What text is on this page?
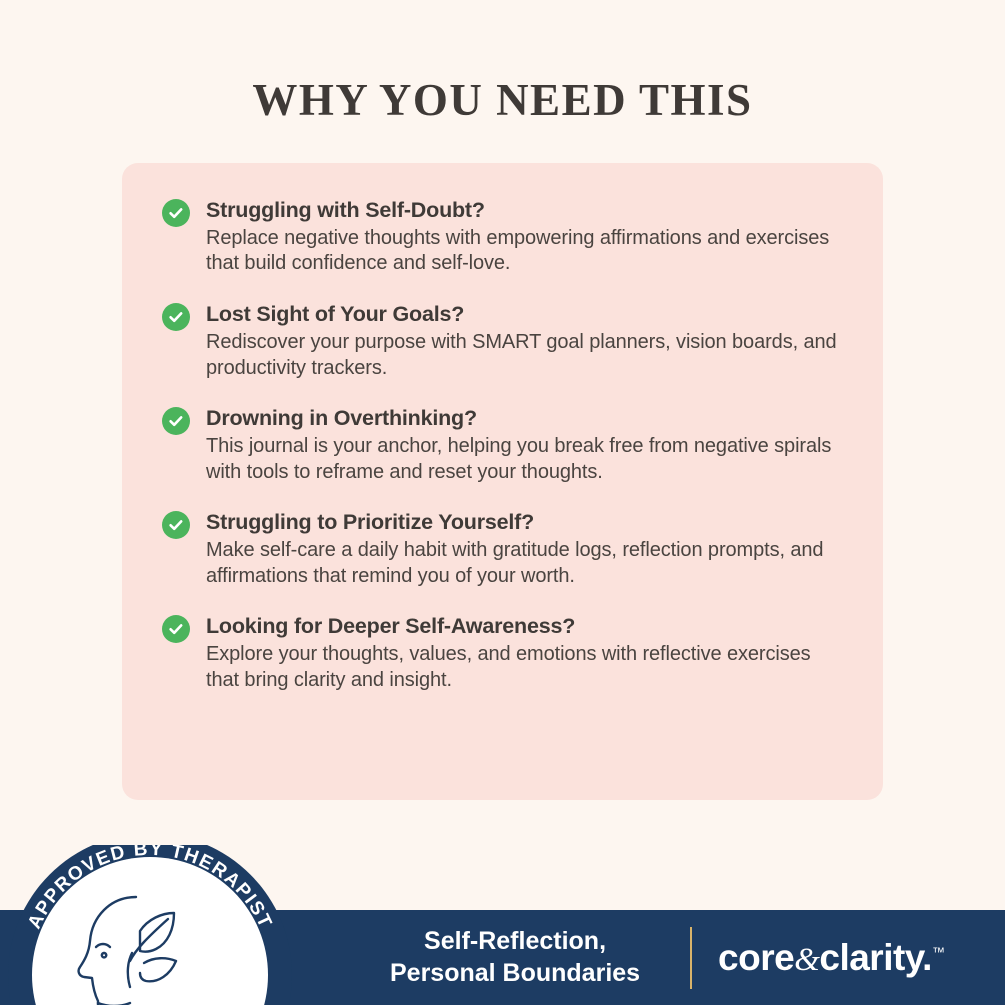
WHY YOU NEED THIS

Struggling with Self-Doubt?

Replace negative thoughts with empowering affirmations and exercises that build confidence and self-love.

Lost Sight of Your Goals?

Rediscover your purpose with SMART goal planners, vision boards, and productivity trackers.

Drowning in Overthinking?

This journal is your anchor, helping you break free from negative spirals with tools to reframe and reset your thoughts.

Struggling to Prioritize Yourself?

Make self-care a daily habit with gratitude logs, reflection prompts, and affirmations that remind you of your worth.

Looking for Deeper Self-Awareness?

Explore your thoughts, values, and emotions with reflective exercises that bring clarity and insight.

Self-Reflection,
Personal Boundaries	core&clarity.™
APPROVED BY THERAPIST
